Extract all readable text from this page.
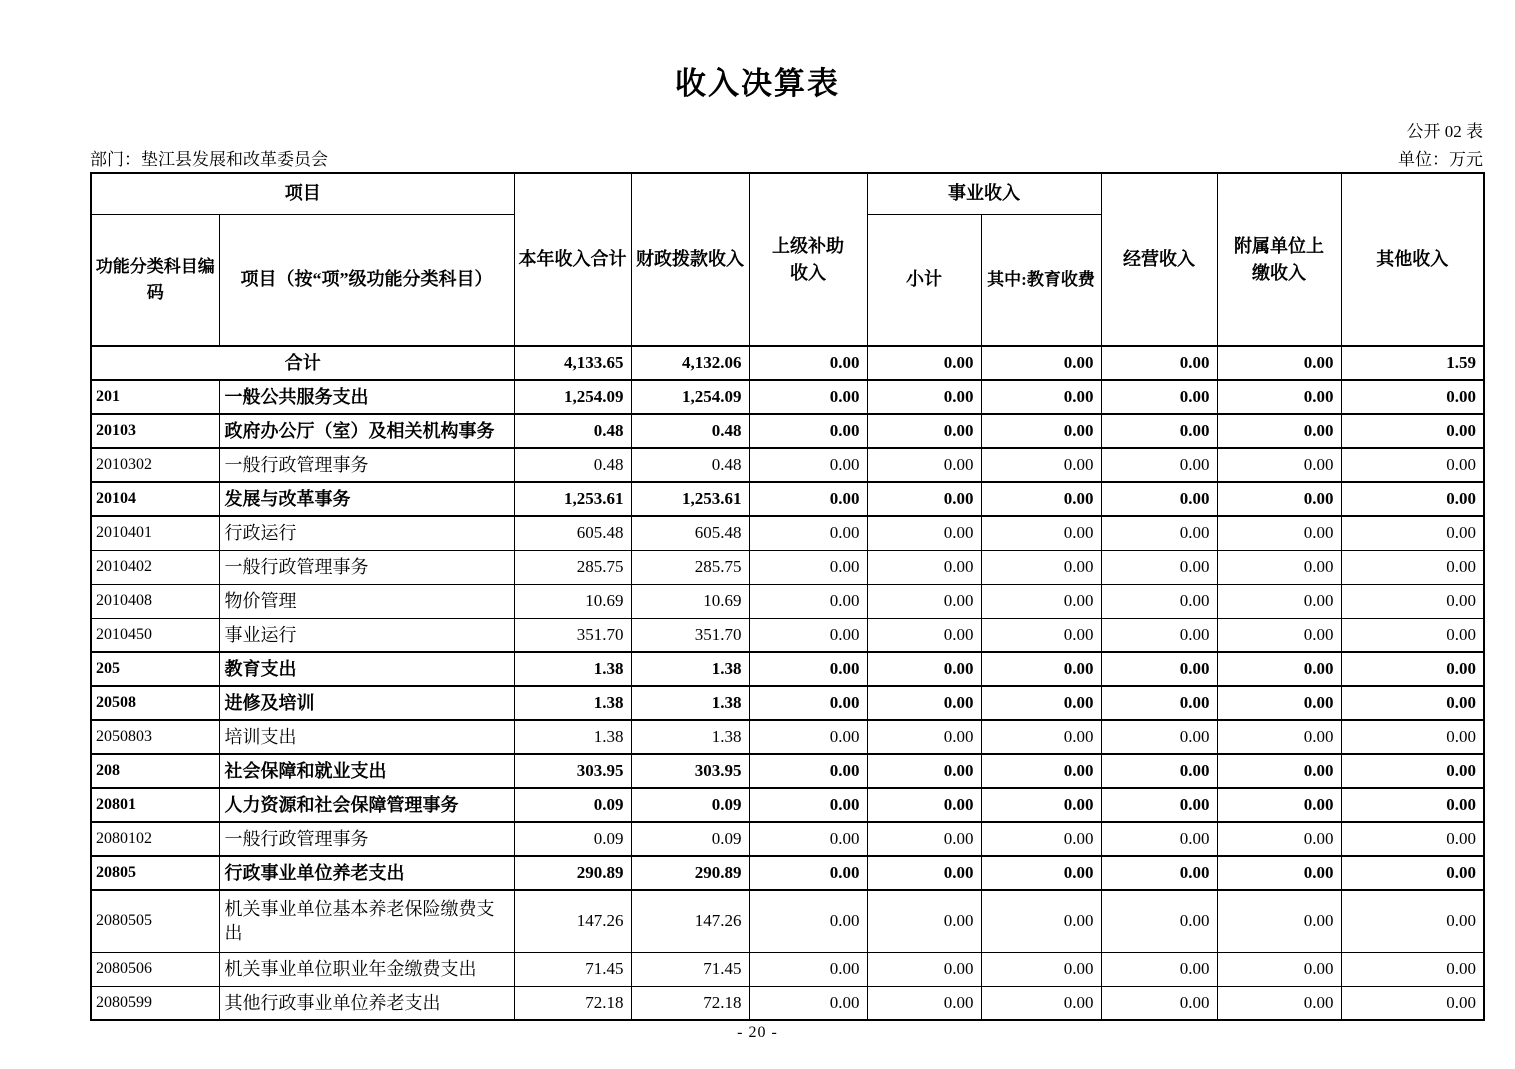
收入决算表
公开 02 表
部门：垫江县发展和改革委员会	单位：万元
项目		本年收入合计	财政拨款收入	上级补助收入	事业收入		经营收入	附属单位上缴收入	其他收入
功能分类科目编码	项目（按“项”级功能分类科目）				小计	其中:教育收费			
合计		4,133.65	4,132.06	0.00	0.00	0.00	0.00	0.00	1.59
201	一般公共服务支出	1,254.09	1,254.09	0.00	0.00	0.00	0.00	0.00	0.00
20103	政府办公厅（室）及相关机构事务	0.48	0.48	0.00	0.00	0.00	0.00	0.00	0.00
2010302	一般行政管理事务	0.48	0.48	0.00	0.00	0.00	0.00	0.00	0.00
20104	发展与改革事务	1,253.61	1,253.61	0.00	0.00	0.00	0.00	0.00	0.00
2010401	行政运行	605.48	605.48	0.00	0.00	0.00	0.00	0.00	0.00
2010402	一般行政管理事务	285.75	285.75	0.00	0.00	0.00	0.00	0.00	0.00
2010408	物价管理	10.69	10.69	0.00	0.00	0.00	0.00	0.00	0.00
2010450	事业运行	351.70	351.70	0.00	0.00	0.00	0.00	0.00	0.00
205	教育支出	1.38	1.38	0.00	0.00	0.00	0.00	0.00	0.00
20508	进修及培训	1.38	1.38	0.00	0.00	0.00	0.00	0.00	0.00
2050803	培训支出	1.38	1.38	0.00	0.00	0.00	0.00	0.00	0.00
208	社会保障和就业支出	303.95	303.95	0.00	0.00	0.00	0.00	0.00	0.00
20801	人力资源和社会保障管理事务	0.09	0.09	0.00	0.00	0.00	0.00	0.00	0.00
2080102	一般行政管理事务	0.09	0.09	0.00	0.00	0.00	0.00	0.00	0.00
20805	行政事业单位养老支出	290.89	290.89	0.00	0.00	0.00	0.00	0.00	0.00
2080505	机关事业单位基本养老保险缴费支出	147.26	147.26	0.00	0.00	0.00	0.00	0.00	0.00
2080506	机关事业单位职业年金缴费支出	71.45	71.45	0.00	0.00	0.00	0.00	0.00	0.00
2080599	其他行政事业单位养老支出	72.18	72.18	0.00	0.00	0.00	0.00	0.00	0.00
- 20 -
